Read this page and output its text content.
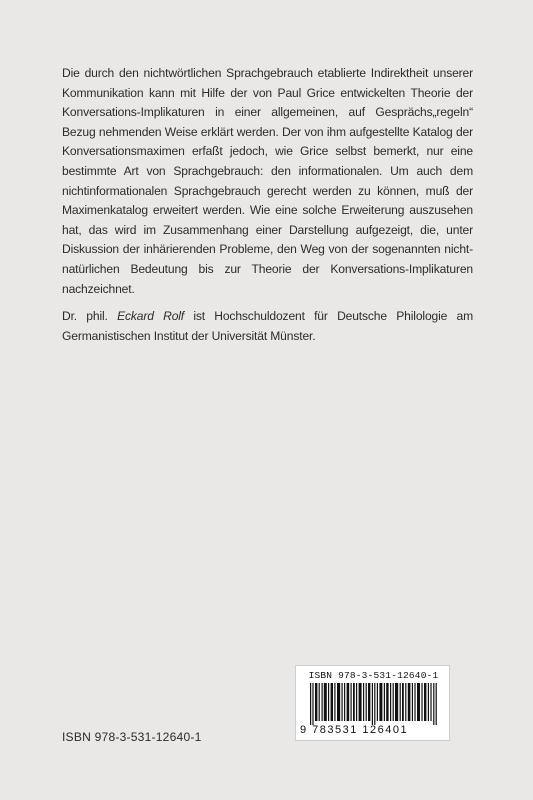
Die durch den nichtwörtlichen Sprachgebrauch etablierte Indirektheit unserer Kommunikation kann mit Hilfe der von Paul Grice entwickelten Theorie der Konversations-Implikaturen in einer allgemeinen, auf Gesprächs„regeln“ Bezug nehmenden Weise erklärt werden. Der von ihm aufgestellte Katalog der Konversationsmaximen erfaßt jedoch, wie Grice selbst bemerkt, nur eine bestimmte Art von Sprachgebrauch: den informationalen. Um auch dem nichtinformationalen Sprachgebrauch gerecht werden zu können, muß der Maximenkatalog erweitert werden. Wie eine solche Erweiterung auszusehen hat, das wird im Zusammenhang einer Darstellung aufgezeigt, die, unter Diskussion der inhärierenden Probleme, den Weg von der sogenannten nicht-natürlichen Bedeutung bis zur Theorie der Konversations-Implikaturen nachzeichnet.

Dr. phil. Eckard Rolf ist Hochschuldozent für Deutsche Philologie am Germanistischen Institut der Universität Münster.

ISBN 978-3-531-12640-1
ISBN 978-3-531-12640-1
9 783531 126401
